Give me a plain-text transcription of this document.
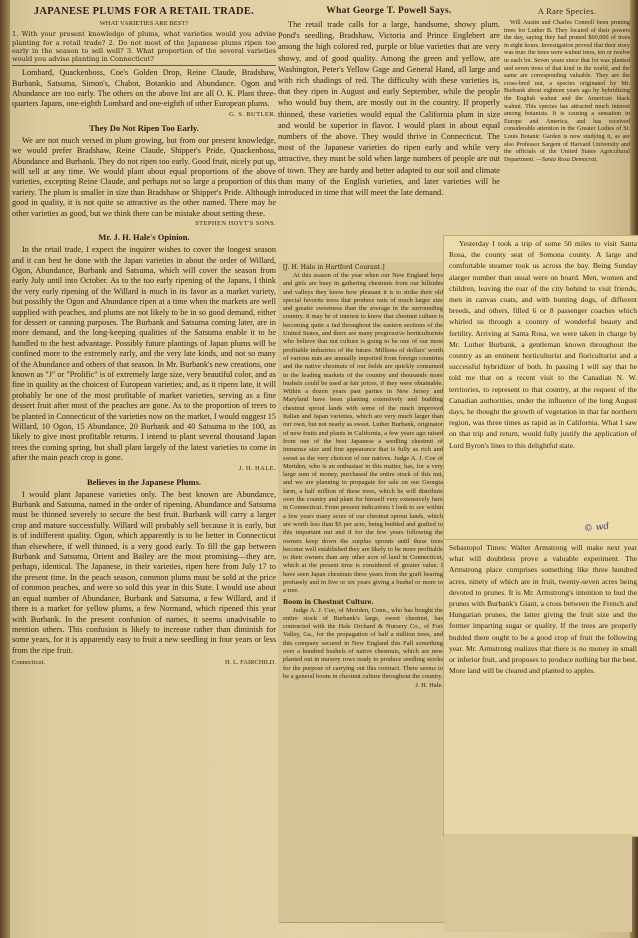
JAPANESE PLUMS FOR A RETAIL TRADE.
WHAT VARIETIES ARE BEST?
1. With your present knowledge of plums, what varieties would you advise planting for a retail trade? 2. Do not most of the Japanese plums ripen too early in the season to sell well? 3. What proportion of the several varieties would you advise planting in Connecticut?

Lombard, Quackenboss, Coe's Golden Drop, Reine Claude, Bradshaw, Burbank, Satsuma, Simon's, Chabot, Botankio and Abundance. Ogon and Abundance are too early. The others on the above list are all O. K. Plant three-quarters Japans, one-eighth Lombard and one-eighth of other European plums.

G. S. BUTLER.
They Do Not Ripen Too Early.

We are not much versed in plum growing, but from our present knowledge, we would prefer Bradshaw, Reine Claude, Shipper's Pride, Quackenboss, Abundance and Burbank. They do not ripen too early. Good fruit, nicely put up, will sell at any time. We would plant about equal proportions of the above varieties, excepting Reine Claude, and perhaps not so large a proportion of this variety. The plum is smaller in size than Bradshaw or Shipper's Pride. Although good in quality, it is not quite so attractive as the other named. There may be other varieties as good, but we think there can be mistake about setting these.

STEPHEN HOYT'S SONS.
Mr. J. H. Hale's Opinion.

In the retail trade, I expect the inquirer wishes to cover the longest season and it can best be done with the Japan varieties in about the order of Willard, Ogon, Abundance, Burbank and Satsuma, which will cover the season from early July until into October. As to the too early ripening of the Japans, I think the very early ripening of the Willard is much in its favor as a market variety, but possibly the Ogon and Abundance ripen at a time when the markets are well supplied with peaches, and plums are not likely to be in so good demand, either for dessert or canning purposes. The Burbank and Satsuma coming later, are in more demand, and the long-keeping qualities of the Satsuma enable it to be handled to the best advantage. Possibly future plantings of Japan plums will be confined more to the extremely early, and the very late kinds, and not so many of the Abundance and others of that season. In Mr. Burbank's new creations, one known as "J" or "Prolific" is of extremely large size, very beautiful color, and as fine in quality as the choicest of European varieties; and, as it ripens late, it will probably be one of the most profitable of market varieties, serving as a fine dessert fruit after most of the peaches are gone. As to the proportion of trees to be planted in Connecticut of the varieties now on the market, I would suggest 15 Willard, 10 Ogon, 15 Abundance, 20 Burbank and 40 Satsuma to the 100, as likely to give most profitable returns. I intend to plant several thousand Japan trees the coming spring, but shall plant largely of the latest varieties to come in after the main peach crop is gone.

J. H. HALE.
Believes in the Japanese Plums.

I would plant Japanese varieties only. The best known are Abundance, Burbank and Satsuma, named in the order of ripening. Abundance and Satsuma must be thinned severely to secure the best fruit. Burbank will carry a larger crop and mature successfully. Willard will probably sell because it is early, but is of indifferent quality. Ogon, which apparently is to be better in Connecticut than elsewhere, if well thinned, is a very good early. To fill the gap between Burbank and Satsuma, Orient and Bailey are the most promising—they are, perhaps, identical. The Japanese, in their varieties, ripen here from July 17 to the present time. In the peach season, common plums must be sold at the price of common peaches, and were so sold this year in this State. I would use about an equal number of Abundance, Burbank and Satsuma, a few Willard, and if there is a market for yellow plums, a few Normand, which ripened this year with Burbank. In the present confusion of names, it seems unadvisable to mention others. This confusion is likely to increase rather than diminish for some years, for it is apparently easy to fruit a new seedling in four years or less from the ripe fruit.

Connecticut.	H. L. FAIRCHILD.
What George T. Powell Says.

The retail trade calls for a large, handsome, showy plum. Pond's seedling, Bradshaw, Victoria and Prince Englebert are among the high colored red, purple or blue varieties that are very showy, and of good quality. Among the green and yellow, are Washington, Peter's Yellow Gage and General Hand, all large and with rich shadings of red. The difficulty with these varieties is, that they ripen in August and early September, while the people who would buy them, are mostly out in the country. If properly thinned, these varieties would equal the California plum in size and would be superior in flavor. I would plant in about equal numbers of the above. They would thrive in Connecticut. The most of the Japanese varieties do ripen early and while very attractive, they must be sold when large numbers of people are out of town. They are hardy and better adapted to our soil and climate than many of the English varieties, and later varieties will be introduced in time that will meet the late demand.

A Rare Species.

Will Austin and Charles Connoll been pruning trees for Luther B. They located of their powers the day, saying they had pruned $60,000 of trees in eight hours. Investigation proved that their story was true: the trees were walnut trees, ten or twelve in each lot. Seven years since that lot was planted and seven trees of that kind in the world, and the same are corresponding valuable. They are the cross-bred nut, a species originated by Mr. Burbank about eighteen years ago by hybridizing the English walnut and the American black walnut. This species has attracted much interest among botanists. It is causing a sensation in Europe and America, and has received considerable attention in the Greater Lodies of St. Louis Botanic Garden is now studying it, as are also Professor Sargent of Harvard University and the officials of the United States Agricultural Department. —Santa Rosa Democrat.

[J. H. Hale in Hartford Courant.]

At this season of the year when our New England boys and girls are busy in gathering chestnuts from our hillsides and valleys they know how pleasant it is to strike their old special favorite trees that produce nuts of much larger size and greater sweetness than the average in the surrounding country. It may be of interest to know that chestnut culture is becoming quite a fad throughout the eastern sections of the United States, and there are many progressive horticulturists who believe that nut culture is going to be one of our most profitable industries of the future. Millions of dollars' worth of various nuts are annually imported from foreign countries and the native chestnuts of our fields are quickly consumed in the leading markets of the country and thousands more bushels could be used at fair prices, if they were obtainable. Within a dozen years past parties in New Jersey and Maryland have been planting extensively and budding chestnut sprout lands with some of the much improved Italian and Japan varieties, which are very much larger than our own, but not nearly as sweet. Luther Burbank, originator of new fruits and plants in California, a few years ago raised from one of the best Japanese a seedling chestnut of immense size and fine appearance that is fully as rich and sweet as the very choicest of our natives. Judge A. J. Coe of Meriden, who is an enthusiast in this matter, has, for a very large sum of money, purchased the entire stock of this nut, and we are planning to propagate for sale on our Georgia farm, a half million of these trees, which he will distribute over the country and plant for himself very extensively here in Connecticut. From present indications I look to see within a few years many acres of our chestnut sprout lands, which are worth less than $5 per acre, being budded and grafted to this important nut and if for the few years following the owners keep down the surplus sprouts until these trees become well established they are likely to be more profitable to their owners than any other acre of land in Connecticut, which at the present time is considered of greater value. I have seen Japan chestnuts three years from the graft bearing profusely and in five or six years giving a bushel or more to a tree.

Boom in Chestnut Culture.

Judge A. J. Coe, of Meriden, Conn., who has bought the entire stock of Burbank's large, sweet chestnut, has contracted with the Hale Orchard & Nursery Co., of Fort Valley, Ga., for the propagation of half a million trees, and this company secured in New England this Fall something over a hundred bushels of native chestnuts, which are now planted out in nursery rows ready to produce seedling stocks for the purpose of carrying out this contract. There seems to be a general boom in chestnut culture throughout the country.

J. H. Hale.

Yesterday I took a trip of some 50 miles to visit Santa Rosa, the county seat of Somona county. A large and comfortable steamer took us across the bay. Being Sunday alarger number than usual were on board. Men, women and children, leaving the roar of the city behind to visit friends, men in canvas coats, and with hunting dogs, of different breeds, and others, filled 6 or 8 passenger coaches which whirled us through a country of wonderful beauty and fertility. Arriving at Santa Rosa, we were taken in charge by Mr. Luther Burbank, a gentleman known throughout the country as an eminent horticulturist and floriculturist and a successful hybridizer of both. In passing I will say that he told me that on a recent visit to the Canadian N. W. territories, to represent to that country, at the request of the Canadian authorities, under the influence of the long August days, he thought the growth of vegetation in that far northern region, was three times as rapid as in California. What I saw on that trip and return, would fully justify the application of Lord Byron's lines to this delightful state.

© wd

Sebastopol Times: Walter Armstrong will make next year what will doubtless prove a valuable experiment. The Armstrong place comprises something like three hundred acres, ninety of which are in fruit, twenty-seven acres being devoted to prunes. It is Mr. Armstrong's intention to bud the prunes with Burbank's Giant, a cross between the French and Hungarian prunes, the latter giving the fruit size and the former imparting sugar or quality. If the trees are properly budded there ought to be a good crop of fruit the following year. Mr. Armstrong realizes that there is no money in small or inferior fruit, and proposes to produce nothing but the best. More land will be cleared and planted to apples.
